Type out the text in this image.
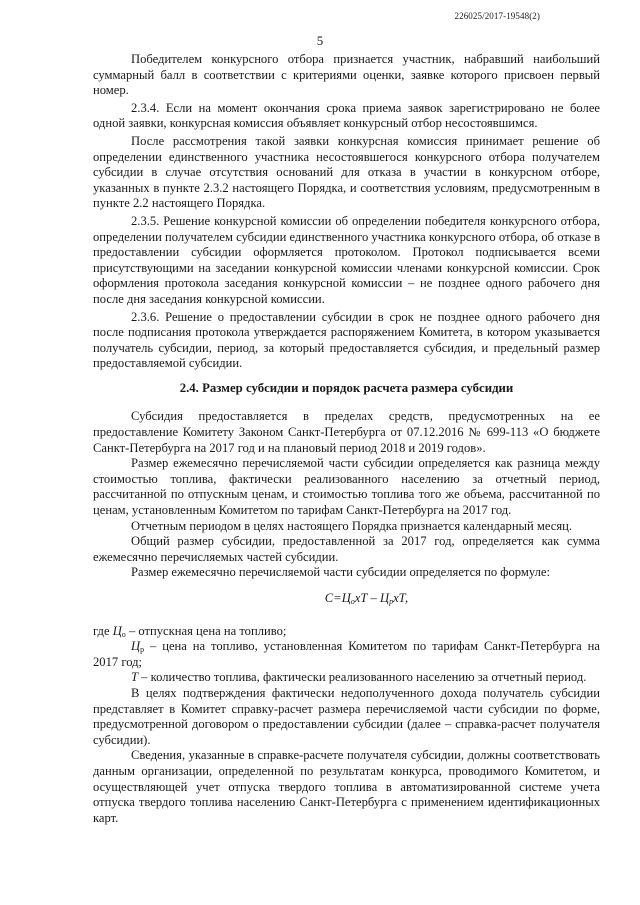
226025/2017-19548(2)
5

Победителем конкурсного отбора признается участник, набравший наибольший суммарный балл в соответствии с критериями оценки, заявке которого присвоен первый номер.

2.3.4. Если на момент окончания срока приема заявок зарегистрировано не более одной заявки, конкурсная комиссия объявляет конкурсный отбор несостоявшимся.

После рассмотрения такой заявки конкурсная комиссия принимает решение об определении единственного участника несостоявшегося конкурсного отбора получателем субсидии в случае отсутствия оснований для отказа в участии в конкурсном отборе, указанных в пункте 2.3.2 настоящего Порядка, и соответствия условиям, предусмотренным в пункте 2.2 настоящего Порядка.

2.3.5. Решение конкурсной комиссии об определении победителя конкурсного отбора, определении получателем субсидии единственного участника конкурсного отбора, об отказе в предоставлении субсидии оформляется протоколом. Протокол подписывается всеми присутствующими на заседании конкурсной комиссии членами конкурсной комиссии. Срок оформления протокола заседания конкурсной комиссии – не позднее одного рабочего дня после дня заседания конкурсной комиссии.

2.3.6. Решение о предоставлении субсидии в срок не позднее одного рабочего дня после подписания протокола утверждается распоряжением Комитета, в котором указывается получатель субсидии, период, за который предоставляется субсидия, и предельный размер предоставляемой субсидии.

2.4. Размер субсидии и порядок расчета размера субсидии

Субсидия предоставляется в пределах средств, предусмотренных на ее предоставление Комитету Законом Санкт-Петербурга от 07.12.2016 № 699-113 «О бюджете Санкт-Петербурга на 2017 год и на плановый период 2018 и 2019 годов».

Размер ежемесячно перечисляемой части субсидии определяется как разница между стоимостью топлива, фактически реализованного населению за отчетный период, рассчитанной по отпускным ценам, и стоимостью топлива того же объема, рассчитанной по ценам, установленным Комитетом по тарифам Санкт-Петербурга на 2017 год.

Отчетным периодом в целях настоящего Порядка признается календарный месяц.

Общий размер субсидии, предоставленной за 2017 год, определяется как сумма ежемесячно перечисляемых частей субсидии.

Размер ежемесячно перечисляемой части субсидии определяется по формуле:

$С=Ц_охТ - Ц_рхТ$,

где $Ц_о$ – отпускная цена на топливо;

$Ц_р$ – цена на топливо, установленная Комитетом по тарифам Санкт-Петербурга на 2017 год;

Т – количество топлива, фактически реализованного населению за отчетный период.

В целях подтверждения фактически недополученного дохода получатель субсидии представляет в Комитет справку-расчет размера перечисляемой части субсидии по форме, предусмотренной договором о предоставлении субсидии (далее – справка-расчет получателя субсидии).

Сведения, указанные в справке-расчете получателя субсидии, должны соответствовать данным организации, определенной по результатам конкурса, проводимого Комитетом, и осуществляющей учет отпуска твердого топлива в автоматизированной системе учета отпуска твердого топлива населению Санкт-Петербурга с применением идентификационных карт.
